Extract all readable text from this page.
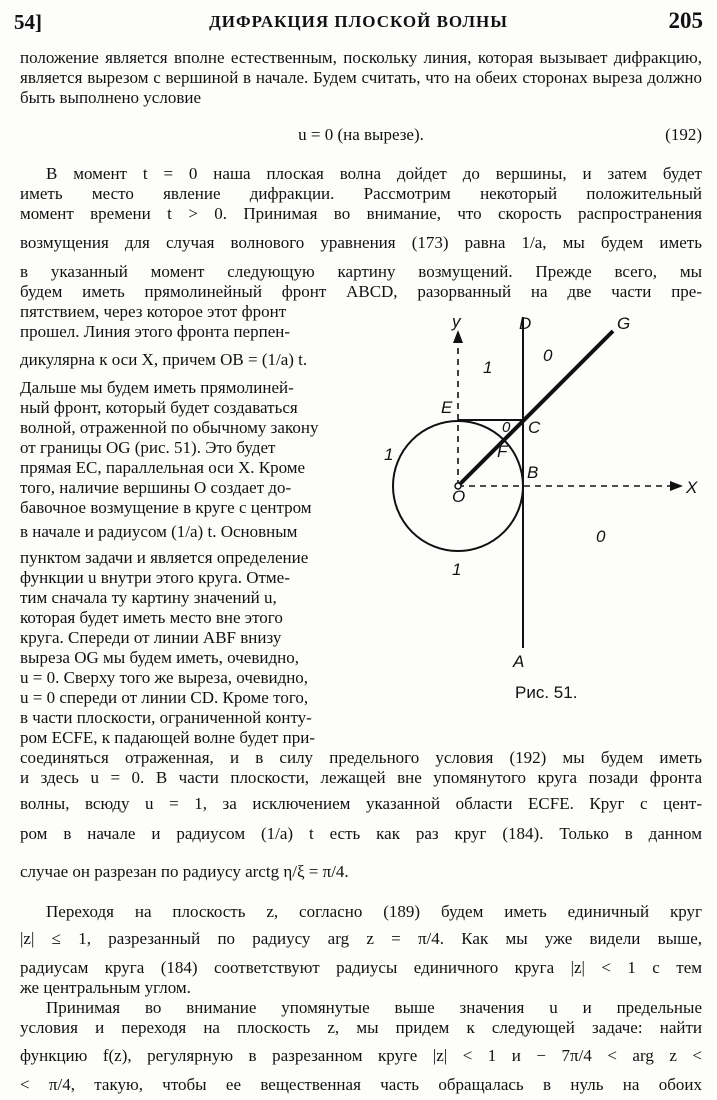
54]	ДИФРАКЦИЯ ПЛОСКОЙ ВОЛНЫ	205

положение является вполне естественным, поскольку линия, которая вызывает дифракцию, является вырезом с вершиной в начале. Будем считать, что на обеих сторонах выреза должно быть выполнено условие

u = 0 (на вырезе).	(192)
В момент t = 0 наша плоская волна дойдет до вершины, и затем будет
иметь место явление дифракции. Рассмотрим некоторый положительный
момент времени t > 0. Принимая во внимание, что скорость распространения
возмущения для случая волнового уравнения (173) равна 1/a, мы будем иметь
в указанный момент следующую картину возмущений. Прежде всего, мы
будем иметь прямолинейный фронт ABCD, разорванный на две части пре-
пятствием, через которое этот фронт
прошел. Линия этого фронта перпен-
дикулярна к оси X, причем OB = (1/a) t.
Дальше мы будем иметь прямолиней-
ный фронт, который будет создаваться
волной, отраженной по обычному закону
от границы OG (рис. 51). Это будет
прямая EC, параллельная оси X. Кроме
того, наличие вершины O создает до-
бавочное возмущение в круге с центром
в начале и радиусом (1/a) t. Основным
пунктом задачи и является определение
функции u внутри этого круга. Отме-
тим сначала ту картину значений u,
которая будет иметь место вне этого
круга. Спереди от линии ABF внизу
выреза OG мы будем иметь, очевидно,
u = 0. Сверху того же выреза, очевидно,
u = 0 спереди от линии CD. Кроме того,
в части плоскости, ограниченной конту-
ром ECFE, к падающей волне будет при-
y
X
D	G
E
C
F
B
O
A
0
1
0
1
1
0
Рис. 51.
соединяться отраженная, и в силу предельного условия (192) мы будем иметь
и здесь u = 0. В части плоскости, лежащей вне упомянутого круга позади фронта
волны, всюду u = 1, за исключением указанной области ECFE. Круг с цент-
ром в начале и радиусом (1/a) t есть как раз круг (184). Только в данном
случае он разрезан по радиусу arctg η/ξ = π/4.
Переходя на плоскость z, согласно (189) будем иметь единичный круг
|z| ≤ 1, разрезанный по радиусу arg z = π/4. Как мы уже видели выше,
радиусам круга (184) соответствуют радиусы единичного круга |z| < 1 с тем
же центральным углом.
Принимая во внимание упомянутые выше значения u и предельные
условия и переходя на плоскость z, мы придем к следующей задаче: найти
функцию f(z), регулярную в разрезанном круге |z| < 1 и − 7π/4 < arg z <
< π/4, такую, чтобы ее вещественная часть обращалась в нуль на обоих
